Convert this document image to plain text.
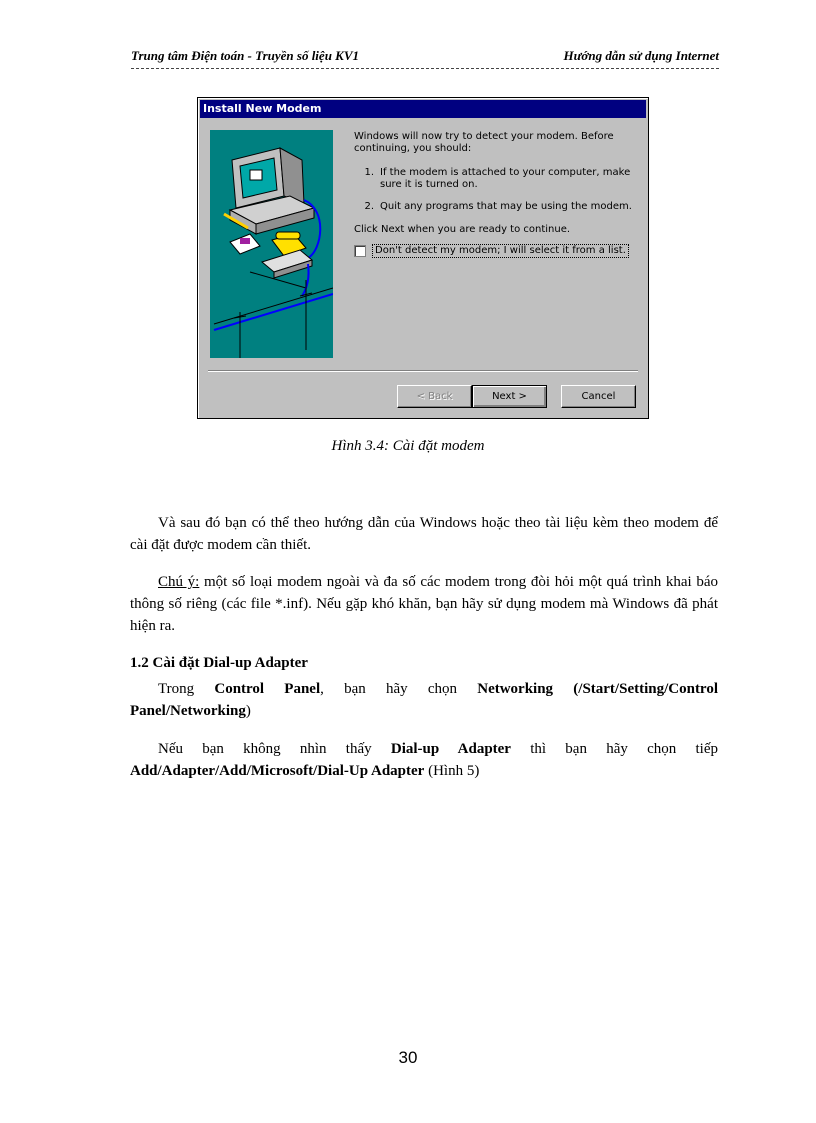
Trung tâm Điện toán - Truyền số liệu KV1	Hướng dẫn sử dụng Internet
Install New Modem

Windows will now try to detect your modem. Before continuing, you should:

1. If the modem is attached to your computer, make sure it is turned on.
2. Quit any programs that may be using the modem.

Click Next when you are ready to continue.

Don't detect my modem; I will select it from a list.
< Back	Next >	Cancel
Hình 3.4: Cài đặt modem
Và sau đó bạn có thể theo hướng dẫn của Windows hoặc theo tài liệu kèm theo modem để cài đặt được modem cần thiết.
Chú ý: một số loại modem ngoài và đa số các modem trong đòi hỏi một quá trình khai báo thông số riêng (các file *.inf). Nếu gặp khó khăn, bạn hãy sử dụng modem mà Windows đã phát hiện ra.
1.2 Cài đặt Dial-up Adapter
Trong Control Panel, bạn hãy chọn Networking (/Start/Setting/Control Panel/Networking)
Nếu bạn không nhìn thấy Dial-up Adapter thì bạn hãy chọn tiếp Add/Adapter/Add/Microsoft/Dial-Up Adapter (Hình 5)
30
